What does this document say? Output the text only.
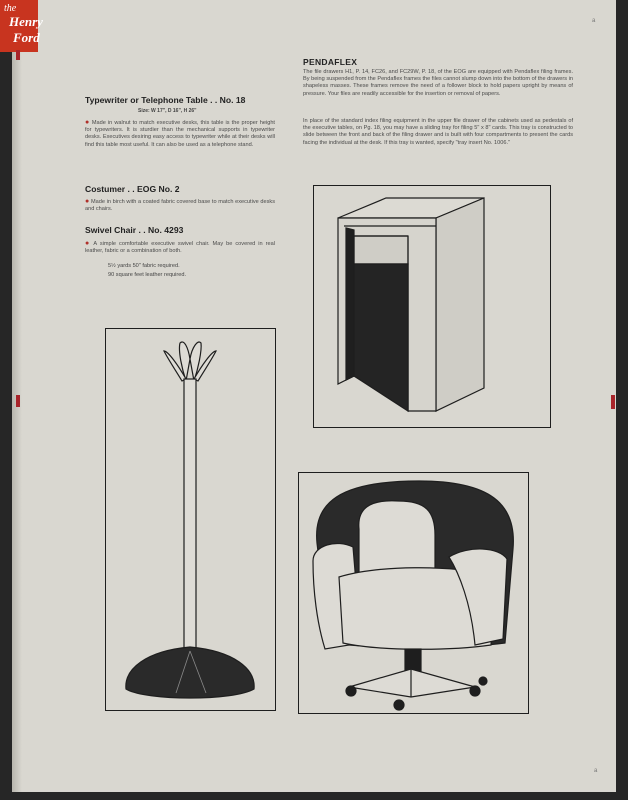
the
Henry
Ford
a
a
PENDAFLEX
The file drawers H1, P. 14, FC26, and FC29W, P. 18, of the EOG are equipped with Pendaflex filing frames. By being suspended from the Pendaflex frames the files cannot slump down into the bottom of the drawers in shapeless masses. These frames remove the need of a follower block to hold papers upright by means of pressure. Your files are readily accessible for the insertion or removal of papers.
In place of the standard index filing equipment in the upper file drawer of the cabinets used as pedestals of the executive tables, on Pg. 18, you may have a sliding tray for filing 5" x 8" cards. This tray is constructed to slide between the front and back of the filing drawer and is built with four compartments to present the cards facing the individual at the desk. If this tray is wanted, specify "tray insert No. 1006."
Typewriter or Telephone Table . . No. 18
Size: W 17", D 16", H 26"
● Made in walnut to match executive desks, this table is the proper height for typewriters. It is sturdier than the mechanical supports in typewriter desks. Executives desiring easy access to typewriter while at their desks will find this table most useful. It can also be used as a telephone stand.
Costumer . . EOG No. 2
● Made in birch with a coated fabric covered base to match executive desks and chairs.
Swivel Chair . . No. 4293
● A simple comfortable executive swivel chair. May be covered in real leather, fabric or a combination of both.
5½ yards 50" fabric required.
90 square feet leather required.
